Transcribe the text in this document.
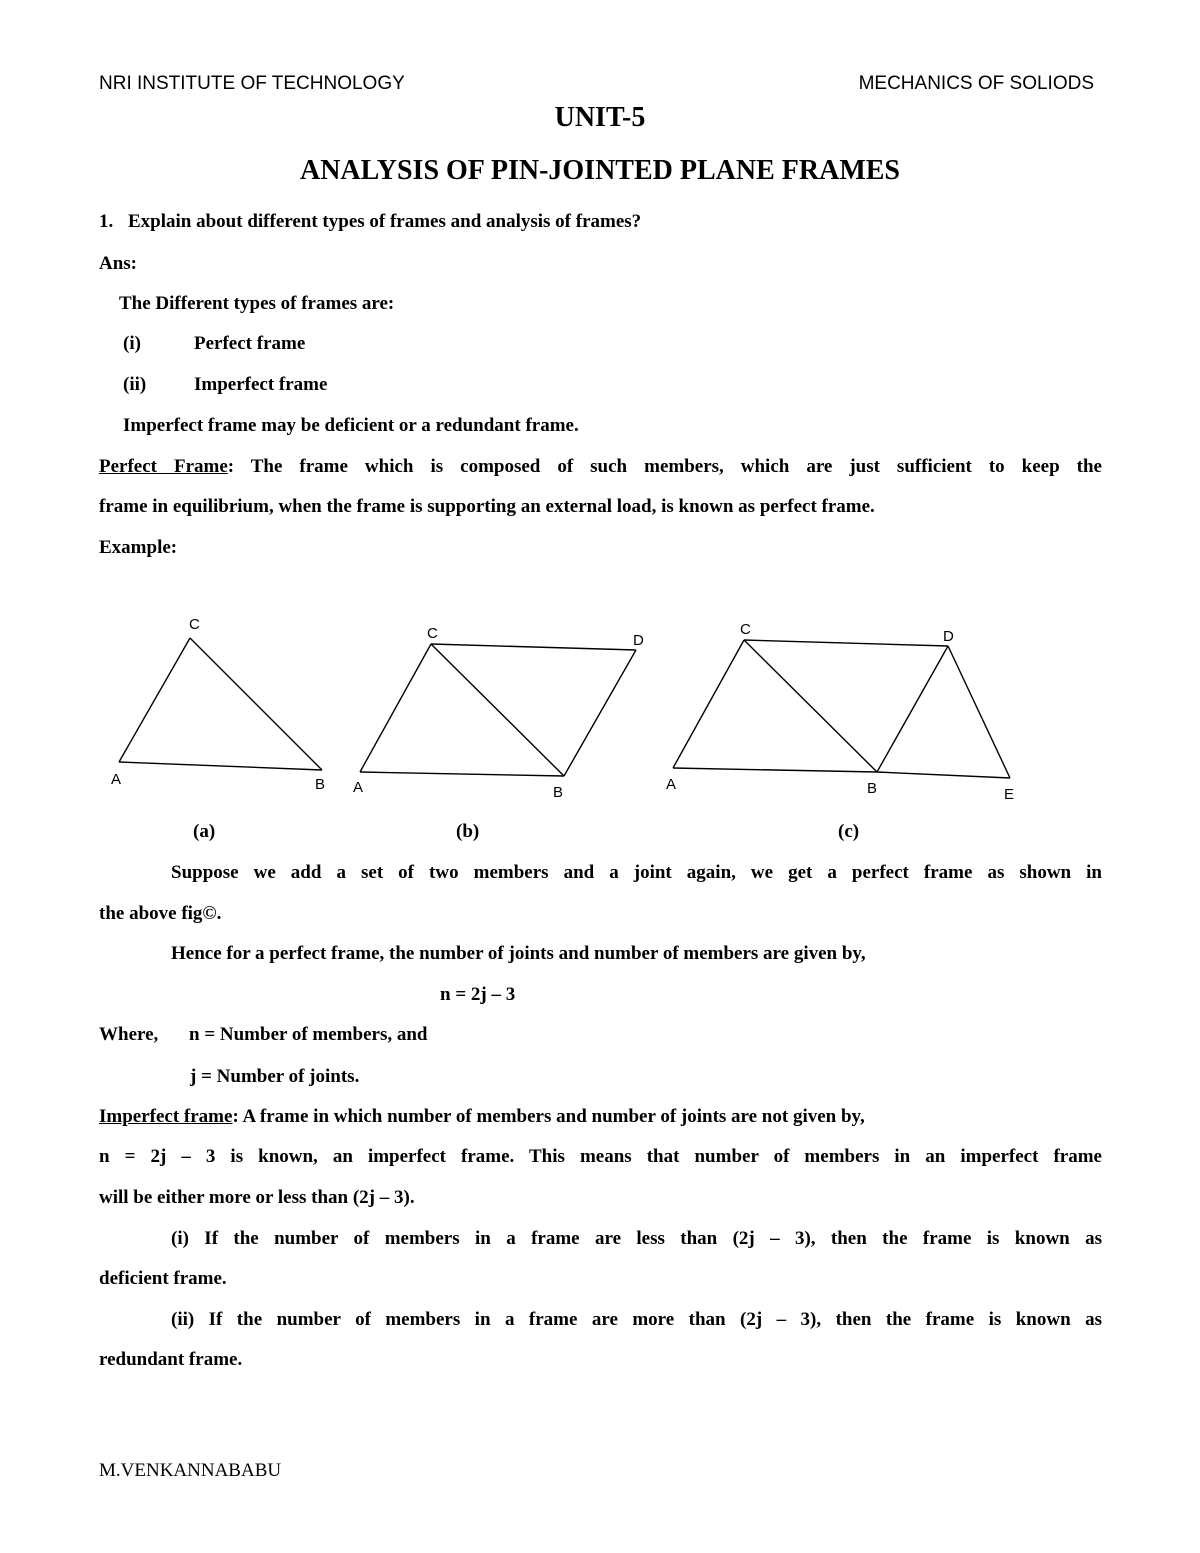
NRI INSTITUTE OF TECHNOLOGY	MECHANICS OF SOLIODS
UNIT-5
ANALYSIS OF PIN-JOINTED PLANE FRAMES
1. Explain about different types of frames and analysis of frames?
Ans:
The Different types of frames are:
(i)	Perfect frame
(ii)	Imperfect frame
Imperfect frame may be deficient or a redundant frame.
Perfect Frame: The frame which is composed of such members, which are just sufficient to keep the
frame in equilibrium, when the frame is supporting an external load, is known as perfect frame.
Example:
A	B
C
A	B
C	D
A	B
C	D
E
(a)	(b)	(c)
Suppose we add a set of two members and a joint again, we get a perfect frame as shown in
the above fig©.
Hence for a perfect frame, the number of joints and number of members are given by,
n = 2j – 3
Where, n = Number of members, and
j = Number of joints.
Imperfect frame: A frame in which number of members and number of joints are not given by,
n = 2j – 3 is known, an imperfect frame. This means that number of members in an imperfect frame
will be either more or less than (2j – 3).
(i) If the number of members in a frame are less than (2j – 3), then the frame is known as
deficient frame.
(ii) If the number of members in a frame are more than (2j – 3), then the frame is known as
redundant frame.
M.VENKANNABABU
